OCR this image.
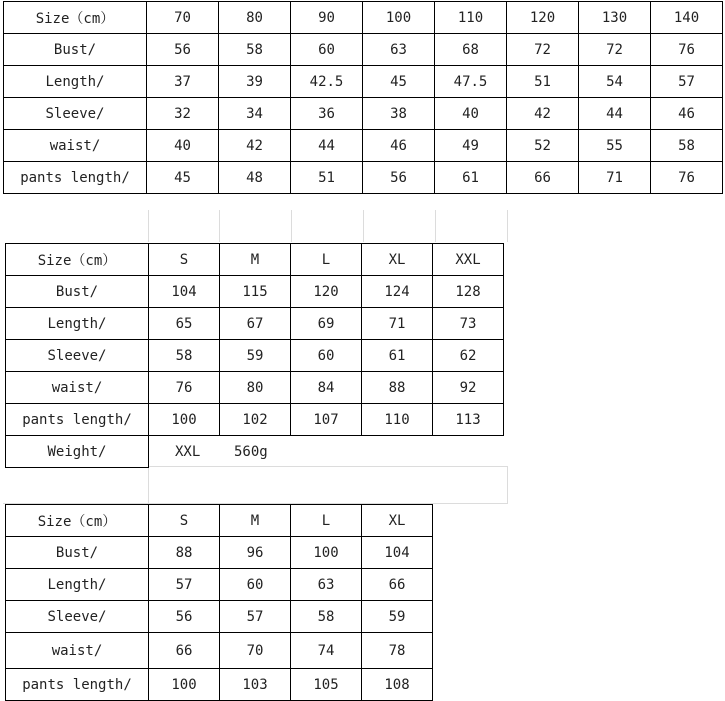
Size（cm）	70	80	90	100	110	120	130	140
Bust/	56	58	60	63	68	72	72	76
Length/	37	39	42.5	45	47.5	51	54	57
Sleeve/	32	34	36	38	40	42	44	46
waist/	40	42	44	46	49	52	55	58
pants length/	45	48	51	56	61	66	71	76
Size（cm）	S	M	L	XL	XXL
Bust/	104	115	120	124	128
Length/	65	67	69	71	73
Sleeve/	58	59	60	61	62
waist/	76	80	84	88	92
pants length/	100	102	107	110	113
Weight/	XXL    560g				
Size（cm）	S	M	L	XL
Bust/	88	96	100	104
Length/	57	60	63	66
Sleeve/	56	57	58	59
waist/	66	70	74	78
pants length/	100	103	105	108
